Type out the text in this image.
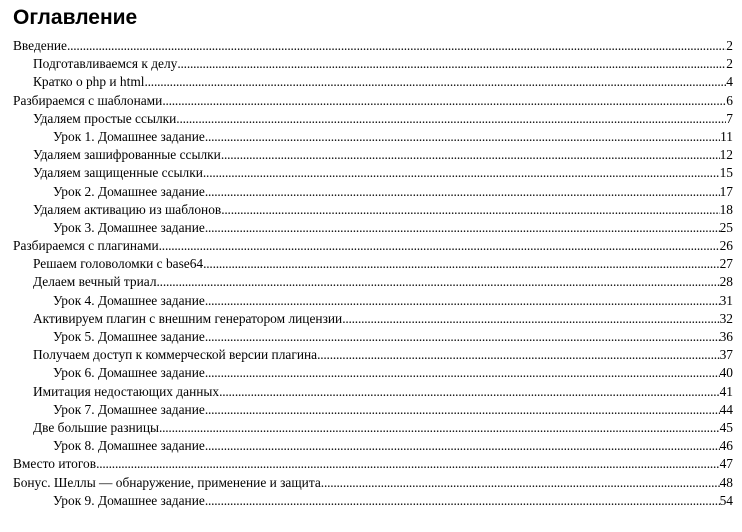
Оглавление
Введение .....	2
Подготавливаемся к делу .....	2
Кратко о php и html .....	4
Разбираемся с шаблонами .....	6
Удаляем простые ссылки .....	7
Урок 1. Домашнее задание .....	11
Удаляем зашифрованные ссылки .....	12
Удаляем защищенные ссылки .....	15
Урок 2. Домашнее задание .....	17
Удаляем активацию из шаблонов .....	18
Урок 3. Домашнее задание .....	25
Разбираемся с плагинами .....	26
Решаем головоломки с base64 .....	27
Делаем вечный триал .....	28
Урок 4. Домашнее задание .....	31
Активируем плагин с внешним генератором лицензии .....	32
Урок 5. Домашнее задание .....	36
Получаем доступ к коммерческой версии плагина .....	37
Урок 6. Домашнее задание .....	40
Имитация недостающих данных .....	41
Урок 7. Домашнее задание .....	44
Две большие разницы .....	45
Урок 8. Домашнее задание .....	46
Вместо итогов .....	47
Бонус. Шеллы — обнаружение, применение и защита .....	48
Урок 9. Домашнее задание .....	54
